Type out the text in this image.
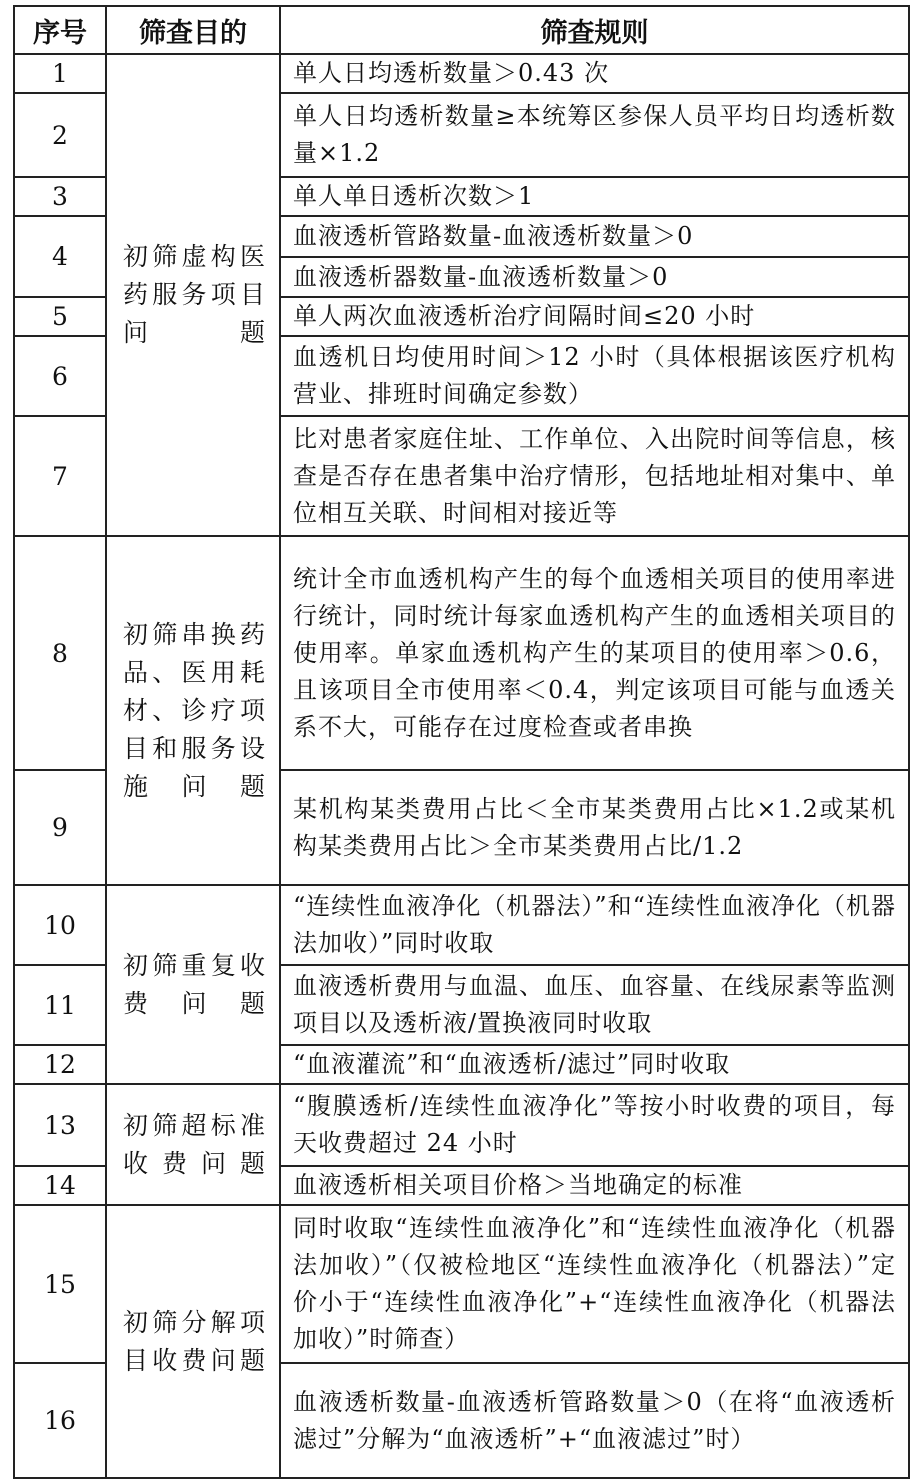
序号	筛查目的	筛查规则
1	初筛虚构医药服务项目问题	单人日均透析数量＞0.43 次
2		单人日均透析数量≥本统筹区参保人员平均日均透析数量×1.2
3		单人单日透析次数＞1
4		血液透析管路数量-血液透析数量＞0
		血液透析器数量-血液透析数量＞0
5		单人两次血液透析治疗间隔时间≤20 小时
6		血透机日均使用时间＞12 小时（具体根据该医疗机构营业、排班时间确定参数）
7		比对患者家庭住址、工作单位、入出院时间等信息，核查是否存在患者集中治疗情形，包括地址相对集中、单位相互关联、时间相对接近等
8	初筛串换药品、医用耗材、诊疗项目和服务设施问题	统计全市血透机构产生的每个血透相关项目的使用率进行统计，同时统计每家血透机构产生的血透相关项目的使用率。单家血透机构产生的某项目的使用率＞0.6，且该项目全市使用率＜0.4，判定该项目可能与血透关系不大，可能存在过度检查或者串换
9		某机构某类费用占比＜全市某类费用占比×1.2或某机构某类费用占比＞全市某类费用占比/1.2
10	初筛重复收费问题	“连续性血液净化（机器法）”和“连续性血液净化（机器法加收）”同时收取
11		血液透析费用与血温、血压、血容量、在线尿素等监测项目以及透析液/置换液同时收取
12		“血液灌流”和“血液透析/滤过”同时收取
13	初筛超标准收费问题	“腹膜透析/连续性血液净化”等按小时收费的项目，每天收费超过 24 小时
14		血液透析相关项目价格＞当地确定的标准
15	初筛分解项目收费问题	同时收取“连续性血液净化”和“连续性血液净化（机器法加收）”（仅被检地区“连续性血液净化（机器法）”定价小于“连续性血液净化”+“连续性血液净化（机器法加收）”时筛查）
16		血液透析数量-血液透析管路数量＞0（在将“血液透析滤过”分解为“血液透析”+“血液滤过”时）
